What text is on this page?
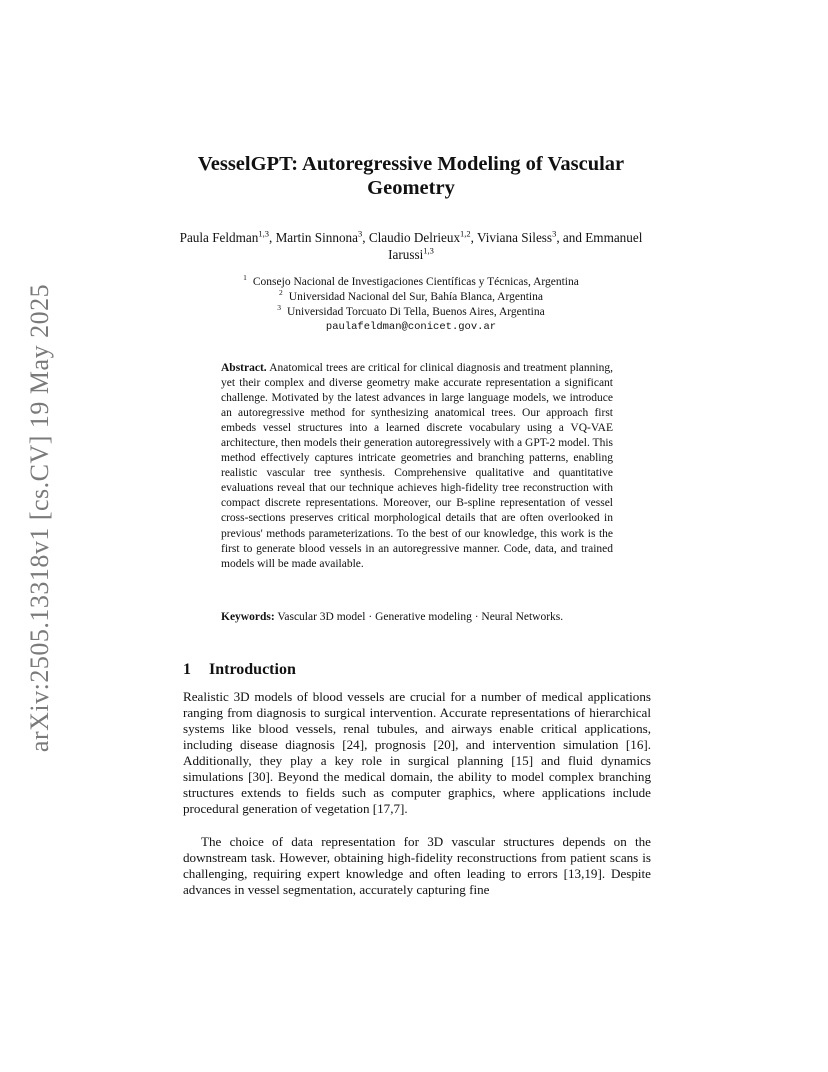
arXiv:2505.13318v1 [cs.CV] 19 May 2025
VesselGPT: Autoregressive Modeling of Vascular Geometry
Paula Feldman$^{1,3}$, Martin Sinnona$^3$, Claudio Delrieux$^{1,2}$, Viviana Siless$^3$, and Emmanuel Iarussi$^{1,3}$
$^1$ Consejo Nacional de Investigaciones Científicas y Técnicas, Argentina
$^2$ Universidad Nacional del Sur, Bahía Blanca, Argentina
$^3$ Universidad Torcuato Di Tella, Buenos Aires, Argentina
paulafeldman@conicet.gov.ar
Abstract. Anatomical trees are critical for clinical diagnosis and treatment planning, yet their complex and diverse geometry make accurate representation a significant challenge. Motivated by the latest advances in large language models, we introduce an autoregressive method for synthesizing anatomical trees. Our approach first embeds vessel structures into a learned discrete vocabulary using a VQ-VAE architecture, then models their generation autoregressively with a GPT-2 model. This method effectively captures intricate geometries and branching patterns, enabling realistic vascular tree synthesis. Comprehensive qualitative and quantitative evaluations reveal that our technique achieves high-fidelity tree reconstruction with compact discrete representations. Moreover, our B-spline representation of vessel cross-sections preserves critical morphological details that are often overlooked in previous' methods parameterizations. To the best of our knowledge, this work is the first to generate blood vessels in an autoregressive manner. Code, data, and trained models will be made available.
Keywords: Vascular 3D model · Generative modeling · Neural Networks.
1 Introduction
Realistic 3D models of blood vessels are crucial for a number of medical applications ranging from diagnosis to surgical intervention. Accurate representations of hierarchical systems like blood vessels, renal tubules, and airways enable critical applications, including disease diagnosis [24], prognosis [20], and intervention simulation [16]. Additionally, they play a key role in surgical planning [15] and fluid dynamics simulations [30]. Beyond the medical domain, the ability to model complex branching structures extends to fields such as computer graphics, where applications include procedural generation of vegetation [17,7].
The choice of data representation for 3D vascular structures depends on the downstream task. However, obtaining high-fidelity reconstructions from patient scans is challenging, requiring expert knowledge and often leading to errors [13,19]. Despite advances in vessel segmentation, accurately capturing fine
